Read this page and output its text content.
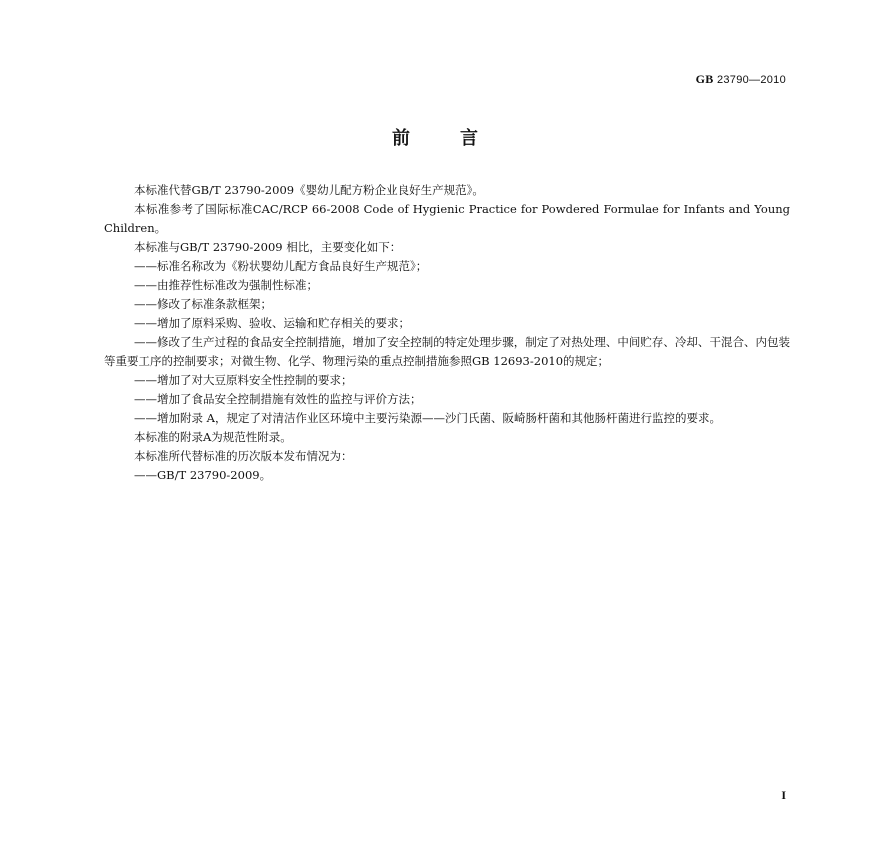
GB 23790—2010
前言

本标准代替GB/T 23790-2009《婴幼儿配方粉企业良好生产规范》。

本标准参考了国际标准CAC/RCP 66-2008 Code of Hygienic Practice for Powdered Formulae for Infants and Young Children。

本标准与GB/T 23790-2009 相比，主要变化如下：

——标准名称改为《粉状婴幼儿配方食品良好生产规范》；

——由推荐性标准改为强制性标准；

——修改了标准条款框架；

——增加了原料采购、验收、运输和贮存相关的要求；

——修改了生产过程的食品安全控制措施，增加了安全控制的特定处理步骤，制定了对热处理、中间贮存、冷却、干混合、内包装等重要工序的控制要求；对微生物、化学、物理污染的重点控制措施参照GB 12693-2010的规定；

——增加了对大豆原料安全性控制的要求；

——增加了食品安全控制措施有效性的监控与评价方法；

——增加附录 A，规定了对清洁作业区环境中主要污染源——沙门氏菌、阪崎肠杆菌和其他肠杆菌进行监控的要求。

本标准的附录A为规范性附录。

本标准所代替标准的历次版本发布情况为：

——GB/T 23790-2009。

I
